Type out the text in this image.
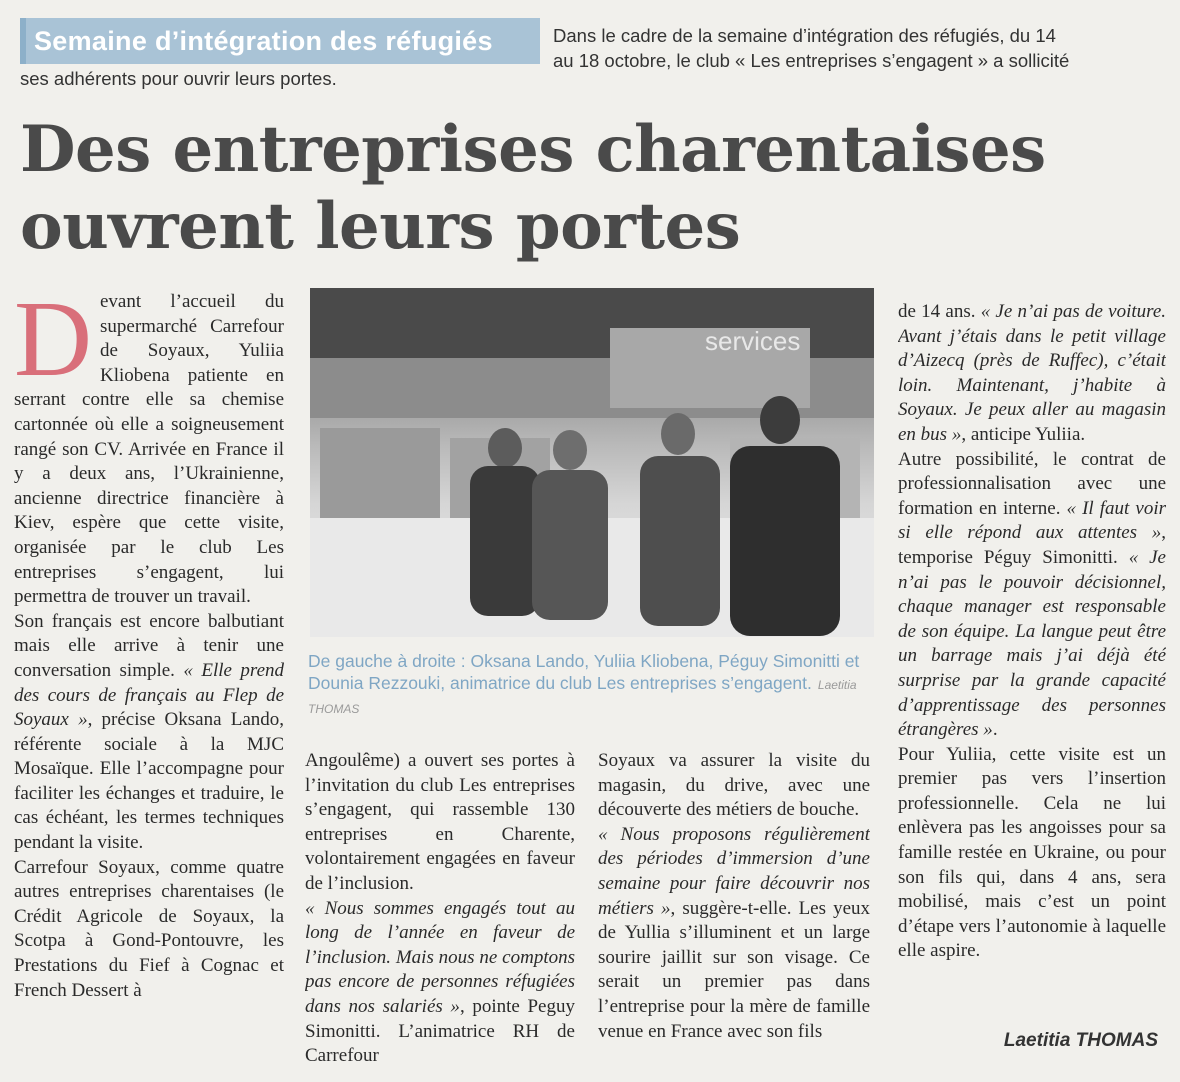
Semaine d’intégration des réfugiés	Dans le cadre de la semaine d’intégration des réfugiés, du 14
au 18 octobre, le club « Les entreprises s’engagent » a sollicité
ses adhérents pour ouvrir leurs portes.
Des entreprises charentaises
ouvrent leurs portes
D evant l’accueil du supermarché Carrefour de Soyaux, Yuliia Kliobena patiente en serrant contre elle sa chemise cartonnée où elle a soigneusement rangé son CV. Arrivée en France il y a deux ans, l’Ukrainienne, ancienne directrice financière à Kiev, espère que cette visite, organisée par le club Les entreprises s’engagent, lui permettra de trouver un travail.

Son français est encore balbutiant mais elle arrive à tenir une conversation simple. « Elle prend des cours de français au Flep de Soyaux », précise Oksana Lando, référente sociale à la MJC Mosaïque. Elle l’accompagne pour faciliter les échanges et traduire, le cas échéant, les termes techniques pendant la visite.

Carrefour Soyaux, comme quatre autres entreprises charentaises (le Crédit Agricole de Soyaux, la Scotpa à Gond-Pontouvre, les Prestations du Fief à Cognac et French Dessert à

services
De gauche à droite : Oksana Lando, Yuliia Kliobena, Péguy Simonitti et Dounia Rezzouki, animatrice du club Les entreprises s’engagent. Laetitia THOMAS

Angoulême) a ouvert ses portes à l’invitation du club Les entreprises s’engagent, qui rassemble 130 entreprises en Charente, volontairement engagées en faveur de l’inclusion.

« Nous sommes engagés tout au long de l’année en faveur de l’inclusion. Mais nous ne comptons pas encore de personnes réfugiées dans nos salariés », pointe Peguy Simonitti. L’animatrice RH de Carrefour

Soyaux va assurer la visite du magasin, du drive, avec une découverte des métiers de bouche.

« Nous proposons régulièrement des périodes d’immersion d’une semaine pour faire découvrir nos métiers », suggère-t-elle. Les yeux de Yullia s’illuminent et un large sourire jaillit sur son visage. Ce serait un premier pas dans l’entreprise pour la mère de famille venue en France avec son fils

de 14 ans. « Je n’ai pas de voiture. Avant j’étais dans le petit village d’Aizecq (près de Ruffec), c’était loin. Maintenant, j’habite à Soyaux. Je peux aller au magasin en bus », anticipe Yuliia.

Autre possibilité, le contrat de professionnalisation avec une formation en interne. « Il faut voir si elle répond aux attentes », temporise Péguy Simonitti. « Je n’ai pas le pouvoir décisionnel, chaque manager est responsable de son équipe. La langue peut être un barrage mais j’ai déjà été surprise par la grande capacité d’apprentissage des personnes étrangères ».

Pour Yuliia, cette visite est un premier pas vers l’insertion professionnelle. Cela ne lui enlèvera pas les angoisses pour sa famille restée en Ukraine, ou pour son fils qui, dans 4 ans, sera mobilisé, mais c’est un point d’étape vers l’autonomie à laquelle elle aspire.

Laetitia THOMAS
